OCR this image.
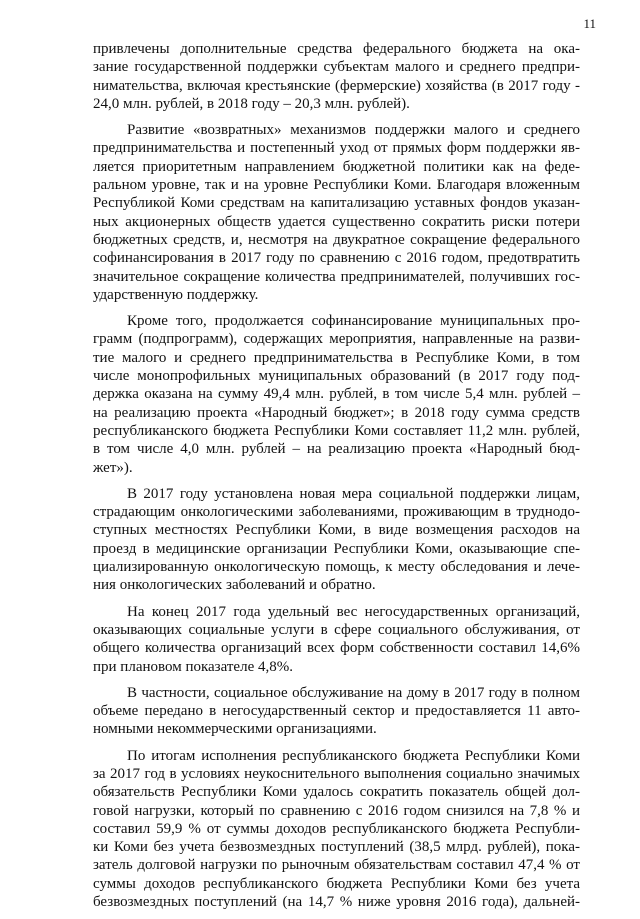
11

привлечены дополнительные средства федерального бюджета на ока-
зание государственной поддержки субъектам малого и среднего предпри-
нимательства, включая крестьянские (фермерские) хозяйства (в 2017 году -
24,0 млн. рублей, в 2018 году – 20,3 млн. рублей).

Развитие «возвратных» механизмов поддержки малого и среднего
предпринимательства и постепенный уход от прямых форм поддержки яв-
ляется приоритетным направлением бюджетной политики как на феде-
ральном уровне, так и на уровне Республики Коми. Благодаря вложенным
Республикой Коми средствам на капитализацию уставных фондов указан-
ных акционерных обществ удается существенно сократить риски потери
бюджетных средств, и, несмотря на двукратное сокращение федерального
софинансирования в 2017 году по сравнению с 2016 годом, предотвратить
значительное сокращение количества предпринимателей, получивших гос-
ударственную поддержку.

Кроме того, продолжается софинансирование муниципальных про-
грамм (подпрограмм), содержащих мероприятия, направленные на разви-
тие малого и среднего предпринимательства в Республике Коми, в том
числе монопрофильных муниципальных образований (в 2017 году под-
держка оказана на сумму 49,4 млн. рублей, в том числе 5,4 млн. рублей –
на реализацию проекта «Народный бюджет»; в 2018 году сумма средств
республиканского бюджета Республики Коми составляет 11,2 млн. рублей,
в том числе 4,0 млн. рублей – на реализацию проекта «Народный бюд-
жет»).

В 2017 году установлена новая мера социальной поддержки лицам,
страдающим онкологическими заболеваниями, проживающим в труднодо-
ступных местностях Республики Коми, в виде возмещения расходов на
проезд в медицинские организации Республики Коми, оказывающие спе-
циализированную онкологическую помощь, к месту обследования и лече-
ния онкологических заболеваний и обратно.

На конец 2017 года удельный вес негосударственных организаций,
оказывающих социальные услуги в сфере социального обслуживания, от
общего количества организаций всех форм собственности составил 14,6%
при плановом показателе 4,8%.

В частности, социальное обслуживание на дому в 2017 году в полном
объеме передано в негосударственный сектор и предоставляется 11 авто-
номными некоммерческими организациями.

По итогам исполнения республиканского бюджета Республики Коми
за 2017 год в условиях неукоснительного выполнения социально значимых
обязательств Республики Коми удалось сократить показатель общей дол-
говой нагрузки, который по сравнению с 2016 годом снизился на 7,8 % и
составил 59,9 % от суммы доходов республиканского бюджета Республи-
ки Коми без учета безвозмездных поступлений (38,5 млрд. рублей), пока-
затель долговой нагрузки по рыночным обязательствам составил 47,4 % от
суммы доходов республиканского бюджета Республики Коми без учета
безвозмездных поступлений (на 14,7 % ниже уровня 2016 года), дальней-
